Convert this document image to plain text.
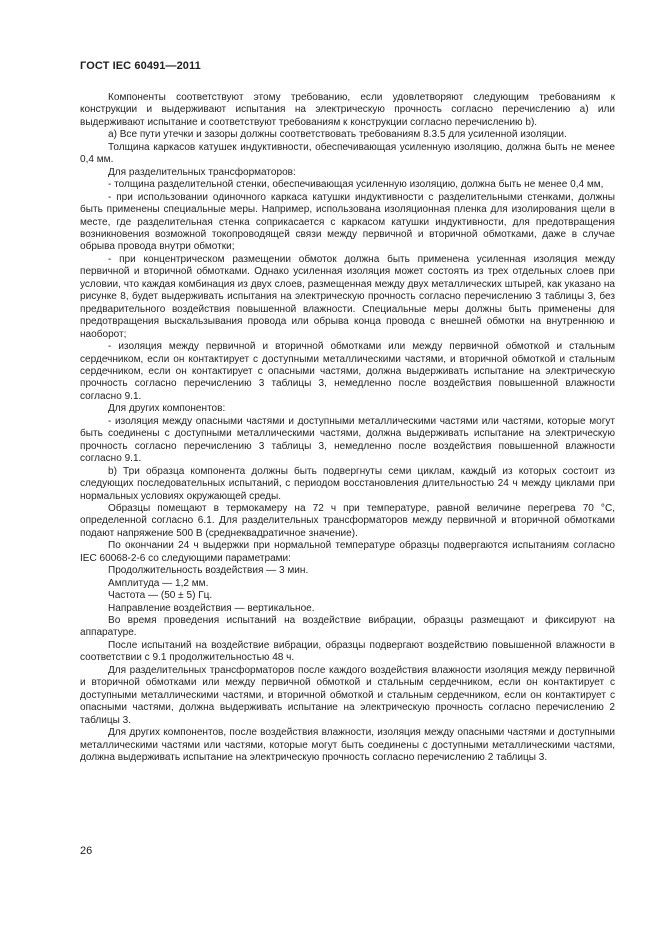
ГОСТ IEC 60491—2011

Компоненты соответствуют этому требованию, если удовлетворяют следующим требованиям к конструкции и выдерживают испытания на электрическую прочность согласно перечислению а) или выдерживают испытание и соответствуют требованиям к конструкции согласно перечислению b).

а) Все пути утечки и зазоры должны соответствовать требованиям 8.3.5 для усиленной изоляции.

Толщина каркасов катушек индуктивности, обеспечивающая усиленную изоляцию, должна быть не менее 0,4 мм.

Для разделительных трансформаторов:

- толщина разделительной стенки, обеспечивающая усиленную изоляцию, должна быть не менее 0,4 мм,

- при использовании одиночного каркаса катушки индуктивности с разделительными стенками, должны быть применены специальные меры. Например, использована изоляционная пленка для изолирования щели в месте, где разделительная стенка соприкасается с каркасом катушки индуктивности, для предотвращения возникновения возможной токопроводящей связи между первичной и вторичной обмотками, даже в случае обрыва провода внутри обмотки;

- при концентрическом размещении обмоток должна быть применена усиленная изоляция между первичной и вторичной обмотками. Однако усиленная изоляция может состоять из трех отдельных слоев при условии, что каждая комбинация из двух слоев, размещенная между двух металлических штырей, как указано на рисунке 8, будет выдерживать испытания на электрическую прочность согласно перечислению 3 таблицы 3, без предварительного воздействия повышенной влажности. Специальные меры должны быть применены для предотвращения выскальзывания провода или обрыва конца провода с внешней обмотки на внутреннюю и наоборот;

- изоляция между первичной и вторичной обмотками или между первичной обмоткой и стальным сердечником, если он контактирует с доступными металлическими частями, и вторичной обмоткой и стальным сердечником, если он контактирует с опасными частями, должна выдерживать испытание на электрическую прочность согласно перечислению 3 таблицы 3, немедленно после воздействия повышенной влажности согласно 9.1.

Для других компонентов:

- изоляция между опасными частями и доступными металлическими частями или частями, которые могут быть соединены с доступными металлическими частями, должна выдерживать испытание на электрическую прочность согласно перечислению 3 таблицы 3, немедленно после воздействия повышенной влажности согласно 9.1.

b) Три образца компонента должны быть подвергнуты семи циклам, каждый из которых состоит из следующих последовательных испытаний, с периодом восстановления длительностью 24 ч между циклами при нормальных условиях окружающей среды.

Образцы помещают в термокамеру на 72 ч при температуре, равной величине перегрева 70 °С, определенной согласно 6.1. Для разделительных трансформаторов между первичной и вторичной обмотками подают напряжение 500 В (среднеквадратичное значение).

По окончании 24 ч выдержки при нормальной температуре образцы подвергаются испытаниям согласно IEC 60068-2-6 со следующими параметрами:

Продолжительность воздействия — 3 мин.

Амплитуда — 1,2 мм.

Частота — (50 ± 5) Гц.

Направление воздействия — вертикальное.

Во время проведения испытаний на воздействие вибрации, образцы размещают и фиксируют на аппаратуре.

После испытаний на воздействие вибрации, образцы подвергают воздействию повышенной влажности в соответствии с 9.1 продолжительностью 48 ч.

Для разделительных трансформаторов после каждого воздействия влажности изоляция между первичной и вторичной обмотками или между первичной обмоткой и стальным сердечником, если он контактирует с доступными металлическими частями, и вторичной обмоткой и стальным сердечником, если он контактирует с опасными частями, должна выдерживать испытание на электрическую прочность согласно перечислению 2 таблицы 3.

Для других компонентов, после воздействия влажности, изоляция между опасными частями и доступными металлическими частями или частями, которые могут быть соединены с доступными металлическими частями, должна выдерживать испытание на электрическую прочность согласно перечислению 2 таблицы 3.

26
